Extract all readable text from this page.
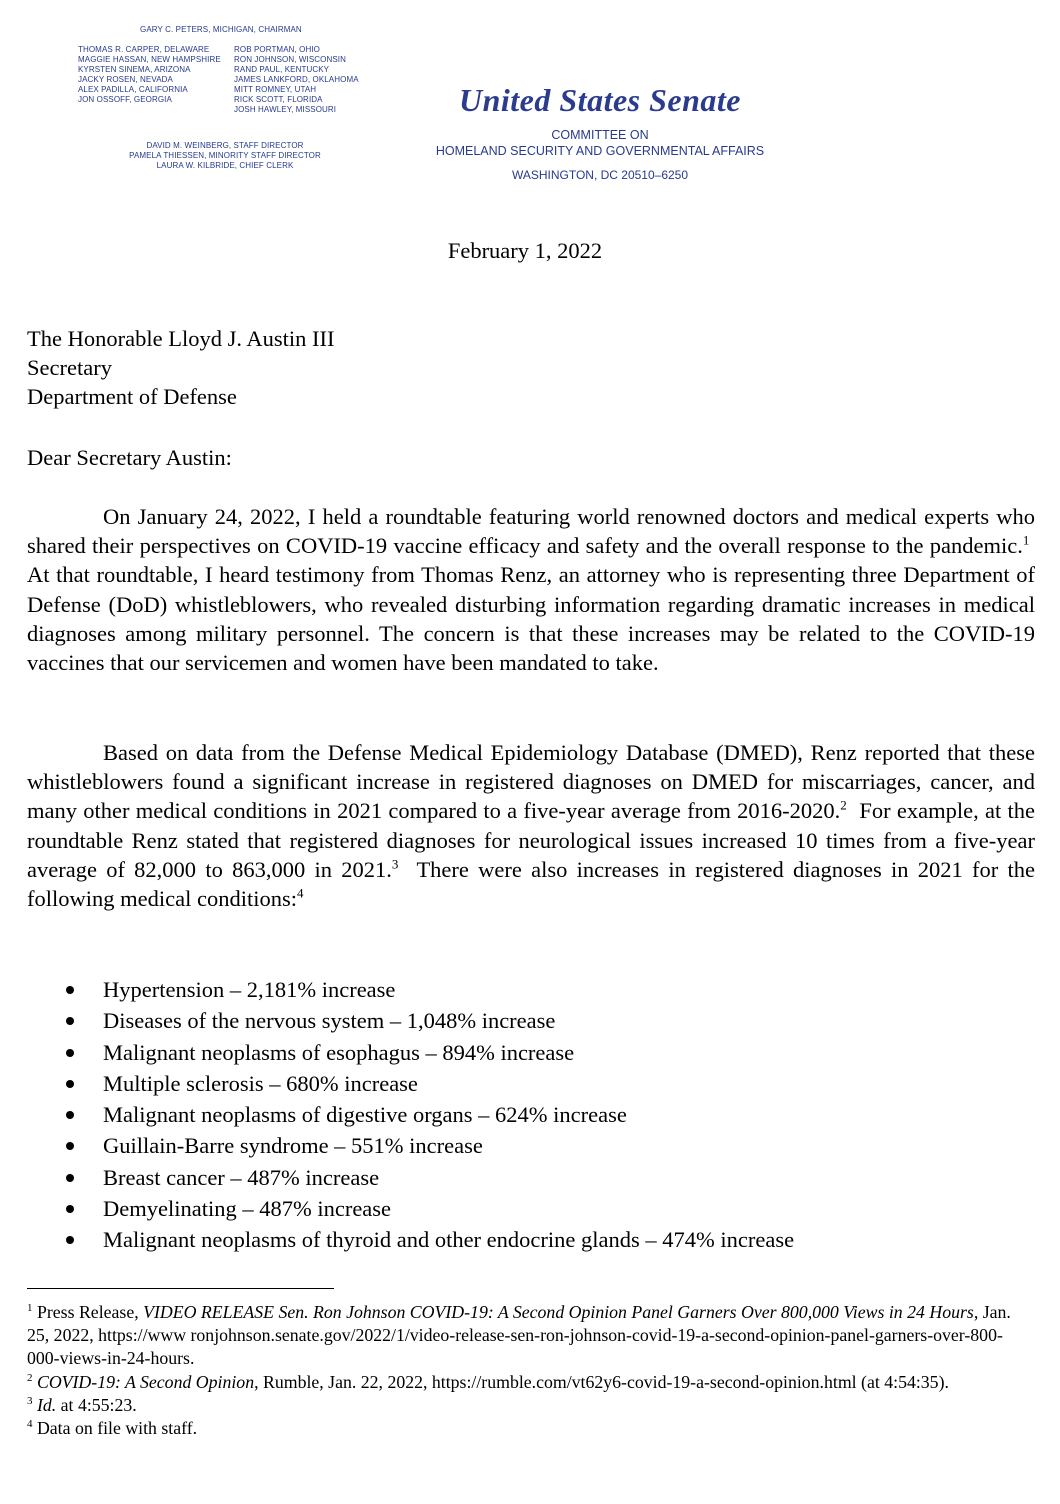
GARY C. PETERS, MICHIGAN, CHAIRMAN
THOMAS R. CARPER, DELAWARE
MAGGIE HASSAN, NEW HAMPSHIRE
KYRSTEN SINEMA, ARIZONA
JACKY ROSEN, NEVADA
ALEX PADILLA, CALIFORNIA
JON OSSOFF, GEORGIA
ROB PORTMAN, OHIO
RON JOHNSON, WISCONSIN
RAND PAUL, KENTUCKY
JAMES LANKFORD, OKLAHOMA
MITT ROMNEY, UTAH
RICK SCOTT, FLORIDA
JOSH HAWLEY, MISSOURI
DAVID M. WEINBERG, STAFF DIRECTOR
PAMELA THIESSEN, MINORITY STAFF DIRECTOR
LAURA W. KILBRIDE, CHIEF CLERK
United States Senate
COMMITTEE ON
HOMELAND SECURITY AND GOVERNMENTAL AFFAIRS
WASHINGTON, DC 20510–6250
February 1, 2022
The Honorable Lloyd J. Austin III
Secretary
Department of Defense
Dear Secretary Austin:

On January 24, 2022, I held a roundtable featuring world renowned doctors and medical experts who shared their perspectives on COVID-19 vaccine efficacy and safety and the overall response to the pandemic.$^1$  At that roundtable, I heard testimony from Thomas Renz, an attorney who is representing three Department of Defense (DoD) whistleblowers, who revealed disturbing information regarding dramatic increases in medical diagnoses among military personnel. The concern is that these increases may be related to the COVID-19 vaccines that our servicemen and women have been mandated to take.

Based on data from the Defense Medical Epidemiology Database (DMED), Renz reported that these whistleblowers found a significant increase in registered diagnoses on DMED for miscarriages, cancer, and many other medical conditions in 2021 compared to a five-year average from 2016-2020.$^2$ For example, at the roundtable Renz stated that registered diagnoses for neurological issues increased 10 times from a five-year average of 82,000 to 863,000 in 2021.$^3$ There were also increases in registered diagnoses in 2021 for the following medical conditions:$^4$

Hypertension – 2,181% increase
Diseases of the nervous system – 1,048% increase
Malignant neoplasms of esophagus – 894% increase
Multiple sclerosis – 680% increase
Malignant neoplasms of digestive organs – 624% increase
Guillain-Barre syndrome – 551% increase
Breast cancer – 487% increase
Demyelinating – 487% increase
Malignant neoplasms of thyroid and other endocrine glands – 474% increase
$^1$ Press Release, VIDEO RELEASE Sen. Ron Johnson COVID-19: A Second Opinion Panel Garners Over 800,000 Views in 24 Hours, Jan. 25, 2022, https://www ronjohnson.senate.gov/2022/1/video-release-sen-ron-johnson-covid-19-a-second-opinion-panel-garners-over-800-000-views-in-24-hours.
$^2$ COVID-19: A Second Opinion, Rumble, Jan. 22, 2022, https://rumble.com/vt62y6-covid-19-a-second-opinion.html (at 4:54:35).
$^3$ Id. at 4:55:23.
$^4$ Data on file with staff.
